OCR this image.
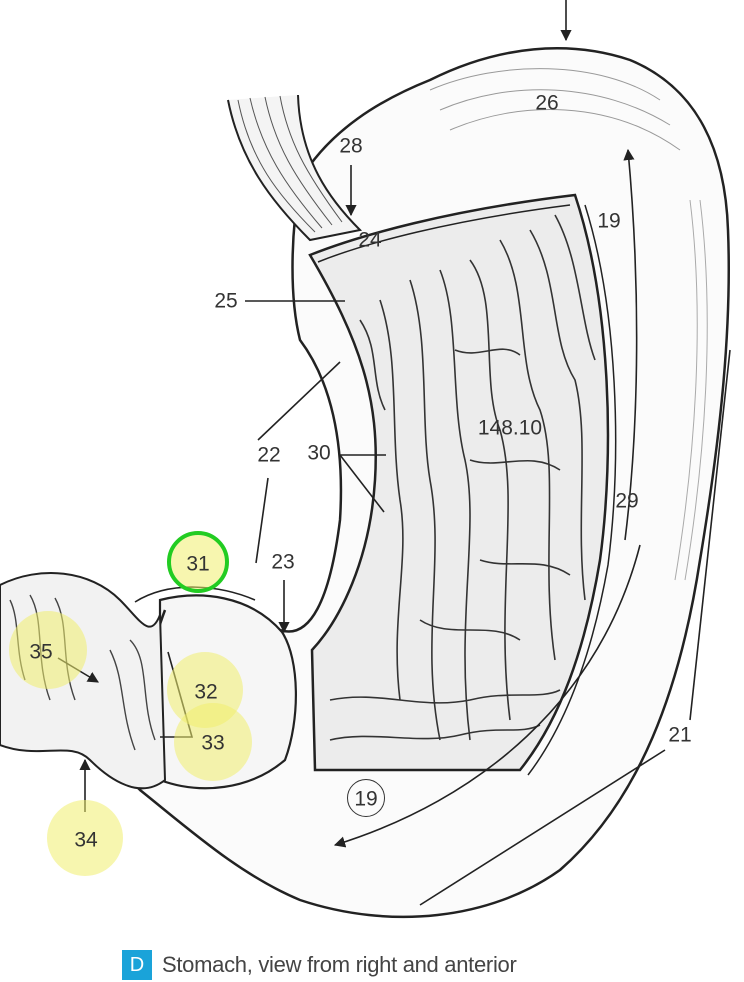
26
28
19
24
25
148.10
22 30
29
31	23
35
32
33	21
19
34
D Stomach, view from right and anterior
